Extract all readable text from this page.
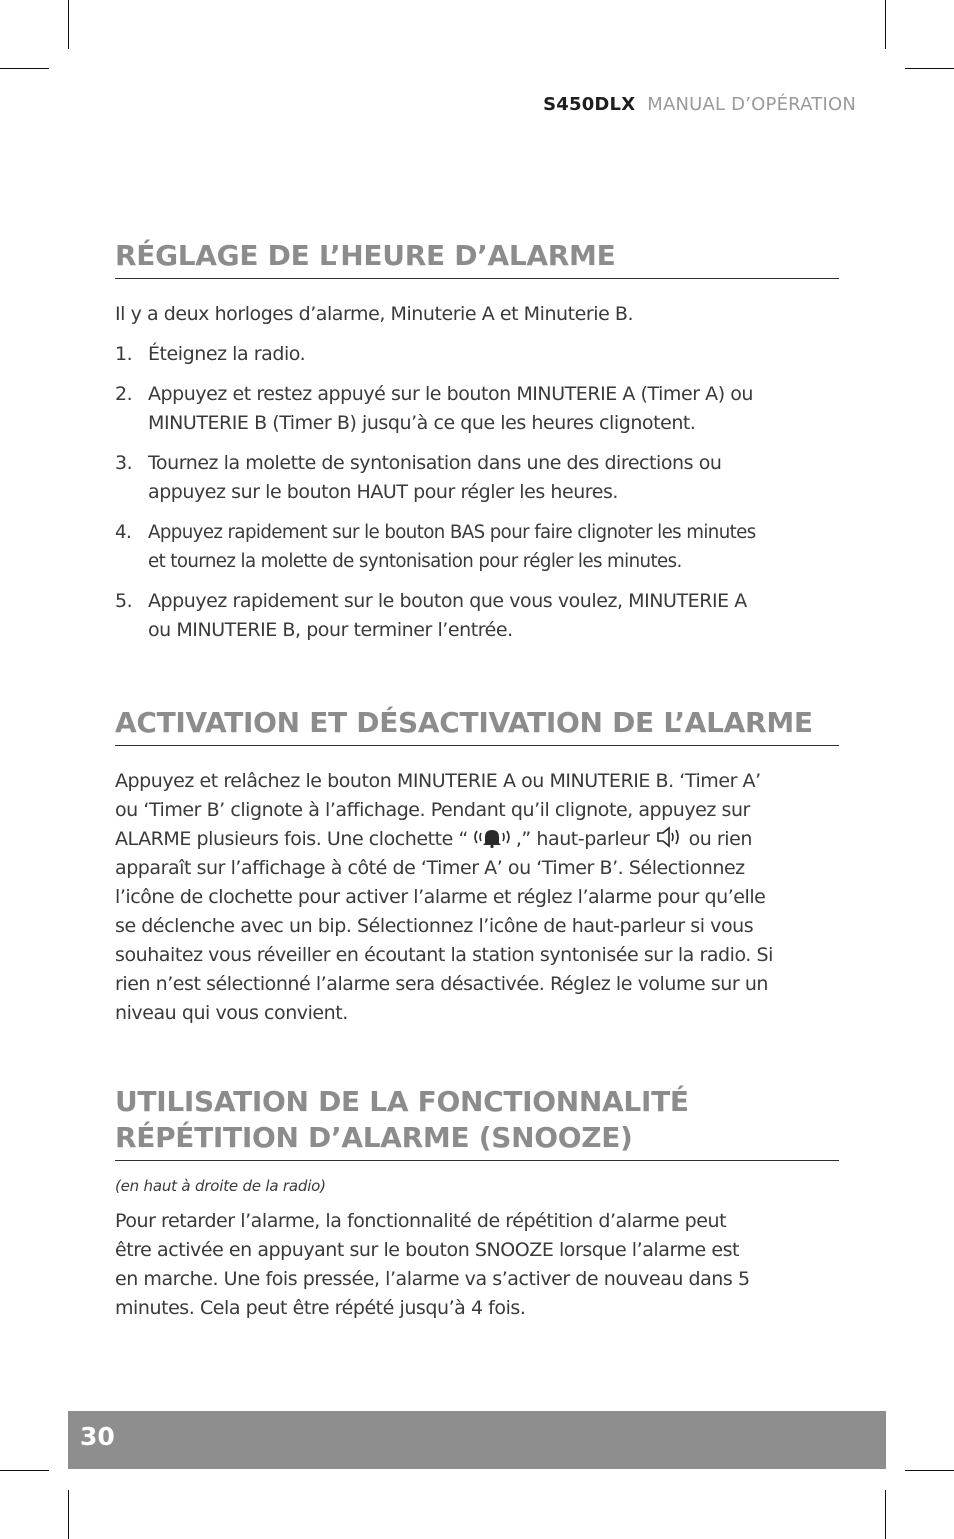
S450DLX MANUAL D’OPÉRATION
RÉGLAGE DE L’HEURE D’ALARME

Il y a deux horloges d’alarme, Minuterie A et Minuterie B.

1. Éteignez la radio.
2. Appuyez et restez appuyé sur le bouton MINUTERIE A (Timer A) ou
MINUTERIE B (Timer B) jusqu’à ce que les heures clignotent.
3. Tournez la molette de syntonisation dans une des directions ou
appuyez sur le bouton HAUT pour régler les heures.
4. Appuyez rapidement sur le bouton BAS pour faire clignoter les minutes
et tournez la molette de syntonisation pour régler les minutes.
5. Appuyez rapidement sur le bouton que vous voulez, MINUTERIE A
ou MINUTERIE B, pour terminer l’entrée.
ACTIVATION ET DÉSACTIVATION DE L’ALARME

Appuyez et relâchez le bouton MINUTERIE A ou MINUTERIE B. ‘Timer A’
ou ‘Timer B’ clignote à l’affichage. Pendant qu’il clignote, appuyez sur
ALARME plusieurs fois. Une clochette “	,” haut-parleur ou rien
apparaît sur l’affichage à côté de ‘Timer A’ ou ‘Timer B’. Sélectionnez
l’icône de clochette pour activer l’alarme et réglez l’alarme pour qu’elle
se déclenche avec un bip. Sélectionnez l’icône de haut-parleur si vous
souhaitez vous réveiller en écoutant la station syntonisée sur la radio. Si
rien n’est sélectionné l’alarme sera désactivée. Réglez le volume sur un
niveau qui vous convient.

UTILISATION DE LA FONCTIONNALITÉ
RÉPÉTITION D’ALARME (SNOOZE)

(en haut à droite de la radio)

Pour retarder l’alarme, la fonctionnalité de répétition d’alarme peut
être activée en appuyant sur le bouton SNOOZE lorsque l’alarme est
en marche. Une fois pressée, l’alarme va s’activer de nouveau dans 5
minutes. Cela peut être répété jusqu’à 4 fois.

30
